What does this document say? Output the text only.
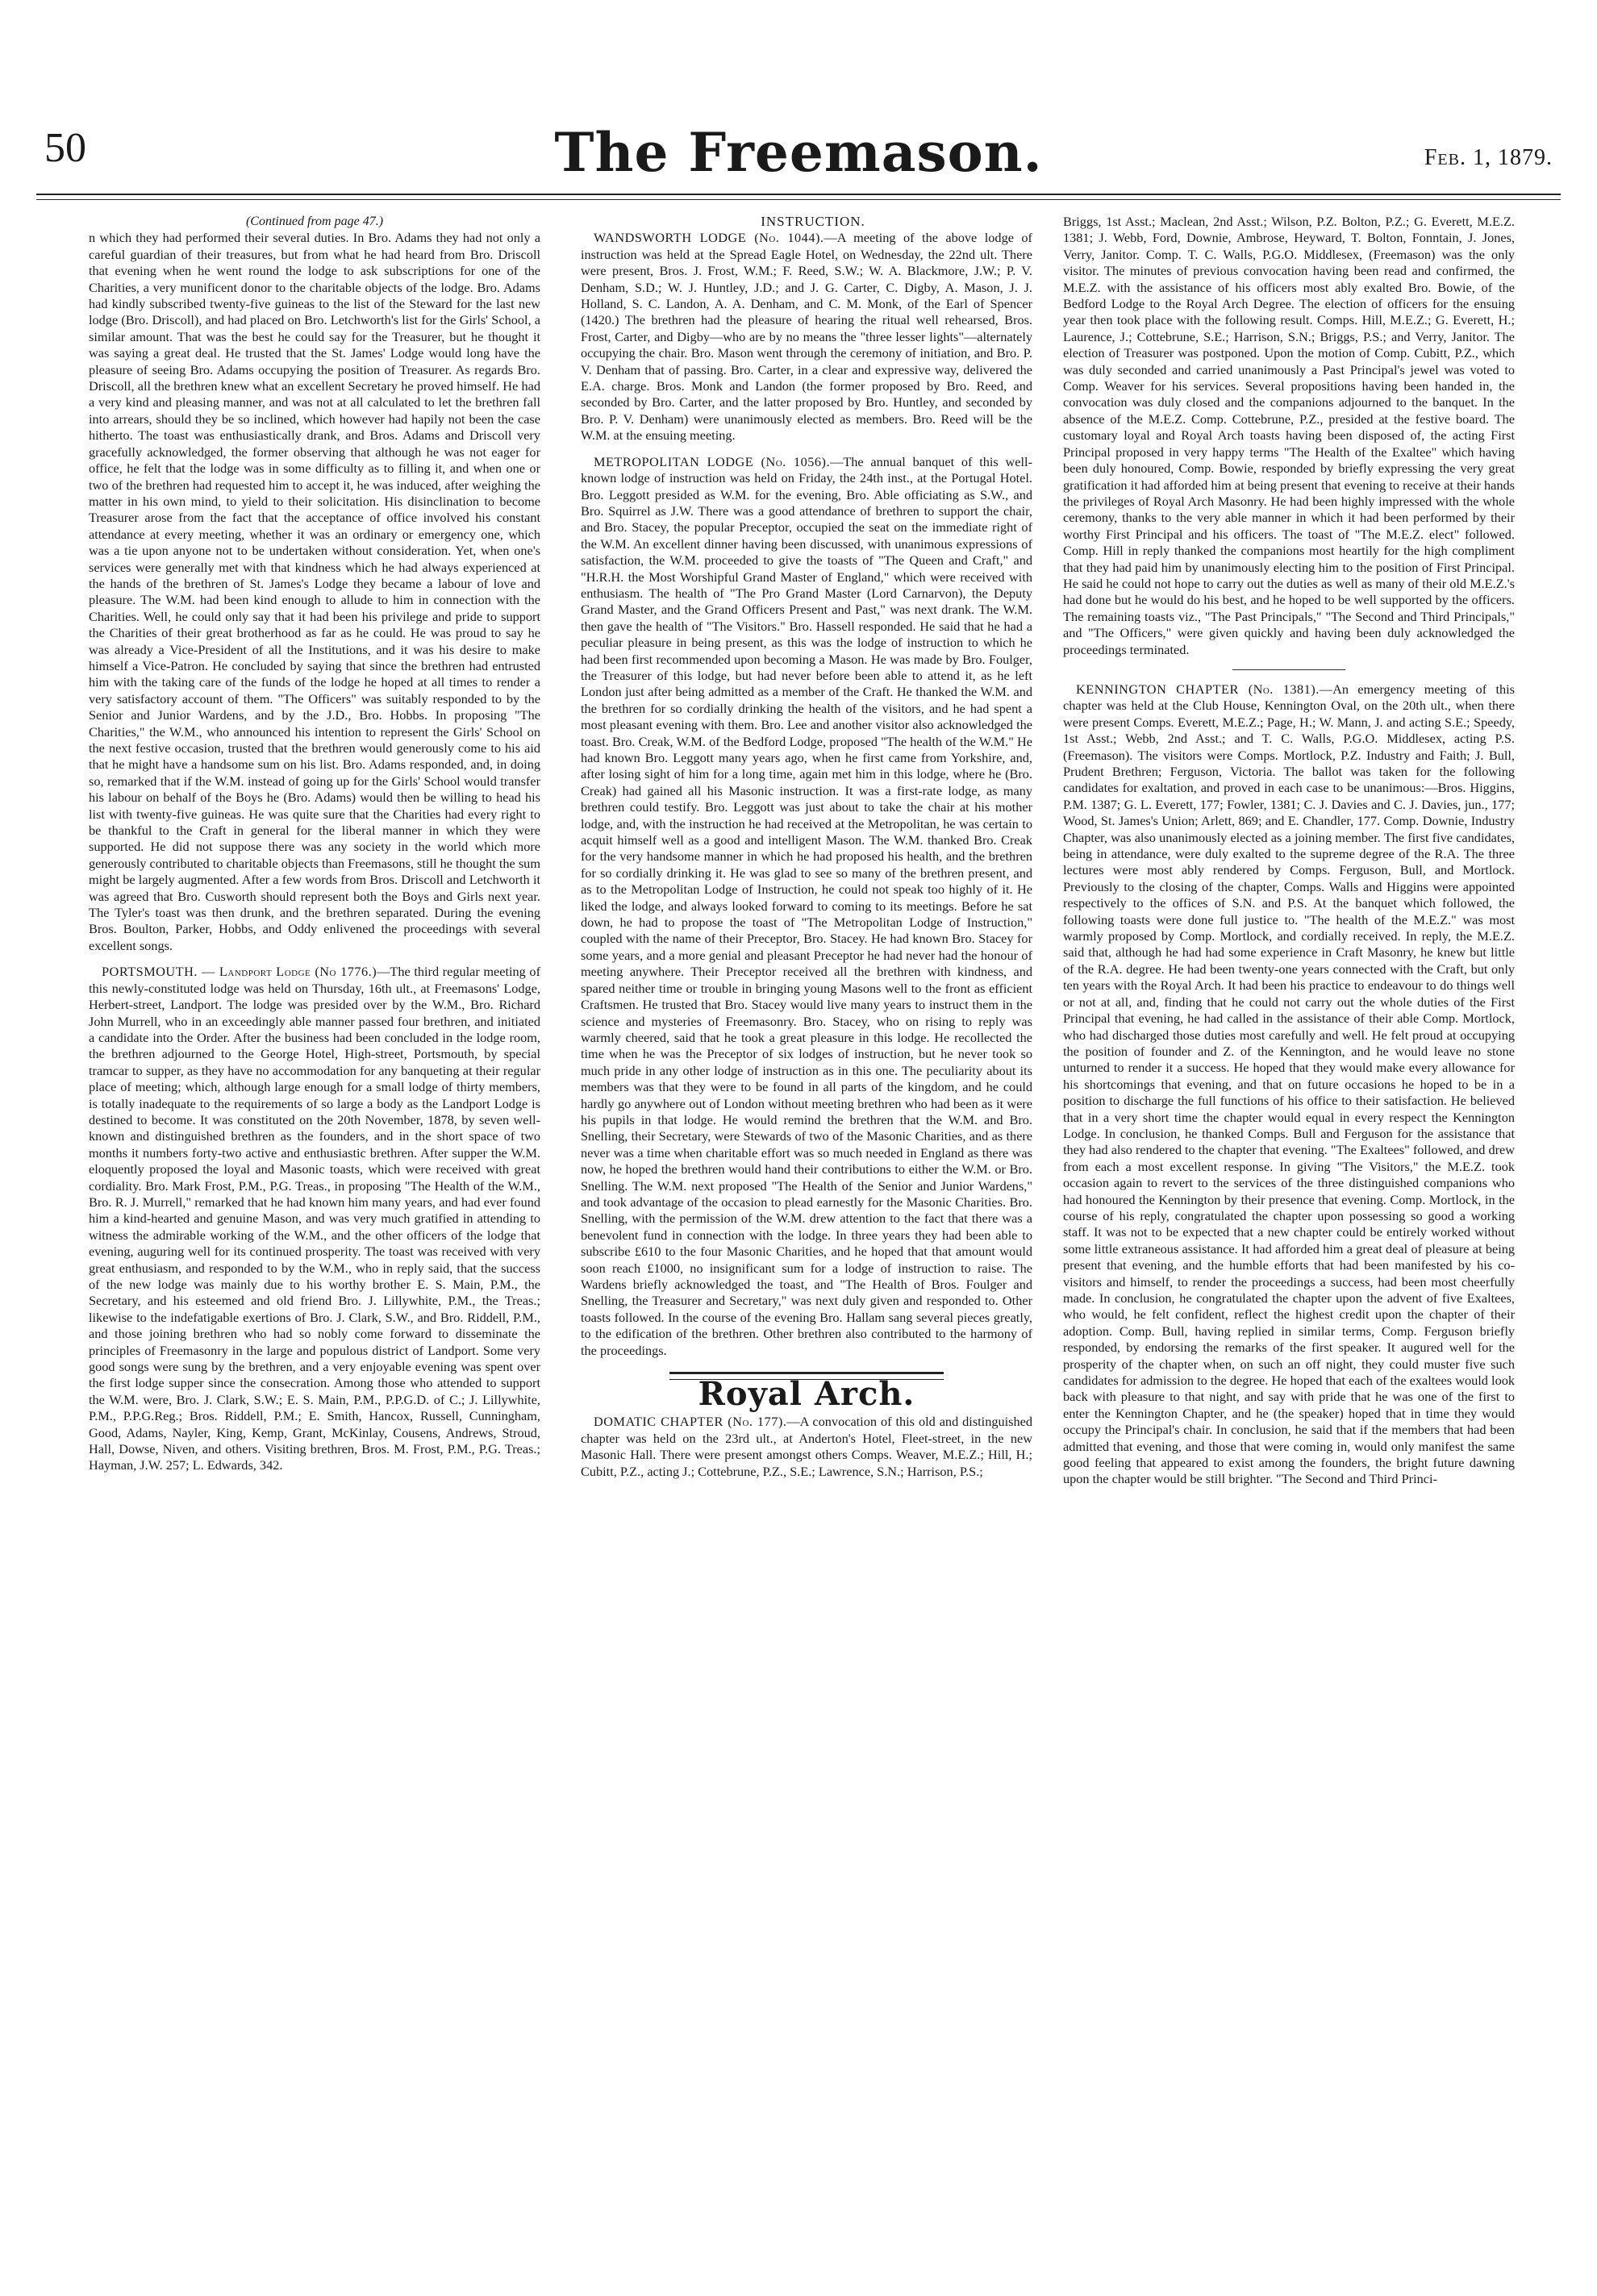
50	The Freemason.	Feb. 1, 1879.

(Continued from page 47.)

n which they had performed their several duties. In Bro. Adams they had not only a careful guardian of their treasures, but from what he had heard from Bro. Driscoll that evening when he went round the lodge to ask subscriptions for one of the Charities, a very munificent donor to the charitable objects of the lodge. Bro. Adams had kindly subscribed twenty-five guineas to the list of the Steward for the last new lodge (Bro. Driscoll), and had placed on Bro. Letchworth's list for the Girls' School, a similar amount. That was the best he could say for the Treasurer, but he thought it was saying a great deal. He trusted that the St. James' Lodge would long have the pleasure of seeing Bro. Adams occupying the position of Treasurer. As regards Bro. Driscoll, all the brethren knew what an excellent Secretary he proved himself. He had a very kind and pleasing manner, and was not at all calculated to let the brethren fall into arrears, should they be so inclined, which however had hapily not been the case hitherto. The toast was enthusiastically drank, and Bros. Adams and Driscoll very gracefully acknowledged, the former observing that although he was not eager for office, he felt that the lodge was in some difficulty as to filling it, and when one or two of the brethren had requested him to accept it, he was induced, after weighing the matter in his own mind, to yield to their solicitation. His disinclination to become Treasurer arose from the fact that the acceptance of office involved his constant attendance at every meeting, whether it was an ordinary or emergency one, which was a tie upon anyone not to be undertaken without consideration. Yet, when one's services were generally met with that kindness which he had always experienced at the hands of the brethren of St. James's Lodge they became a labour of love and pleasure. The W.M. had been kind enough to allude to him in connection with the Charities. Well, he could only say that it had been his privilege and pride to support the Charities of their great brotherhood as far as he could. He was proud to say he was already a Vice-President of all the Institutions, and it was his desire to make himself a Vice-Patron. He concluded by saying that since the brethren had entrusted him with the taking care of the funds of the lodge he hoped at all times to render a very satisfactory account of them. "The Officers" was suitably responded to by the Senior and Junior Wardens, and by the J.D., Bro. Hobbs. In proposing "The Charities," the W.M., who announced his intention to represent the Girls' School on the next festive occasion, trusted that the brethren would generously come to his aid that he might have a handsome sum on his list. Bro. Adams responded, and, in doing so, remarked that if the W.M. instead of going up for the Girls' School would transfer his labour on behalf of the Boys he (Bro. Adams) would then be willing to head his list with twenty-five guineas. He was quite sure that the Charities had every right to be thankful to the Craft in general for the liberal manner in which they were supported. He did not suppose there was any society in the world which more generously contributed to charitable objects than Freemasons, still he thought the sum might be largely augmented. After a few words from Bros. Driscoll and Letchworth it was agreed that Bro. Cusworth should represent both the Boys and Girls next year. The Tyler's toast was then drunk, and the brethren separated. During the evening Bros. Boulton, Parker, Hobbs, and Oddy enlivened the proceedings with several excellent songs.

PORTSMOUTH. — Landport Lodge (No 1776.)—The third regular meeting of this newly-constituted lodge was held on Thursday, 16th ult., at Freemasons' Lodge, Herbert-street, Landport. The lodge was presided over by the W.M., Bro. Richard John Murrell, who in an exceedingly able manner passed four brethren, and initiated a candidate into the Order. After the business had been concluded in the lodge room, the brethren adjourned to the George Hotel, High-street, Portsmouth, by special tramcar to supper, as they have no accommodation for any banqueting at their regular place of meeting; which, although large enough for a small lodge of thirty members, is totally inadequate to the requirements of so large a body as the Landport Lodge is destined to become. It was constituted on the 20th November, 1878, by seven well-known and distinguished brethren as the founders, and in the short space of two months it numbers forty-two active and enthusiastic brethren. After supper the W.M. eloquently proposed the loyal and Masonic toasts, which were received with great cordiality. Bro. Mark Frost, P.M., P.G. Treas., in proposing "The Health of the W.M., Bro. R. J. Murrell," remarked that he had known him many years, and had ever found him a kind-hearted and genuine Mason, and was very much gratified in attending to witness the admirable working of the W.M., and the other officers of the lodge that evening, auguring well for its continued prosperity. The toast was received with very great enthusiasm, and responded to by the W.M., who in reply said, that the success of the new lodge was mainly due to his worthy brother E. S. Main, P.M., the Secretary, and his esteemed and old friend Bro. J. Lillywhite, P.M., the Treas.; likewise to the indefatigable exertions of Bro. J. Clark, S.W., and Bro. Riddell, P.M., and those joining brethren who had so nobly come forward to disseminate the principles of Freemasonry in the large and populous district of Landport. Some very good songs were sung by the brethren, and a very enjoyable evening was spent over the first lodge supper since the consecration. Among those who attended to support the W.M. were, Bro. J. Clark, S.W.; E. S. Main, P.M., P.P.G.D. of C.; J. Lillywhite, P.M., P.P.G.Reg.; Bros. Riddell, P.M.; E. Smith, Hancox, Russell, Cunningham, Good, Adams, Nayler, King, Kemp, Grant, McKinlay, Cousens, Andrews, Stroud, Hall, Dowse, Niven, and others. Visiting brethren, Bros. M. Frost, P.M., P.G. Treas.; Hayman, J.W. 257; L. Edwards, 342.

INSTRUCTION.

WANDSWORTH LODGE (No. 1044).—A meeting of the above lodge of instruction was held at the Spread Eagle Hotel, on Wednesday, the 22nd ult. There were present, Bros. J. Frost, W.M.; F. Reed, S.W.; W. A. Blackmore, J.W.; P. V. Denham, S.D.; W. J. Huntley, J.D.; and J. G. Carter, C. Digby, A. Mason, J. J. Holland, S. C. Landon, A. A. Denham, and C. M. Monk, of the Earl of Spencer (1420.) The brethren had the pleasure of hearing the ritual well rehearsed, Bros. Frost, Carter, and Digby—who are by no means the "three lesser lights"—alternately occupying the chair. Bro. Mason went through the ceremony of initiation, and Bro. P. V. Denham that of passing. Bro. Carter, in a clear and expressive way, delivered the E.A. charge. Bros. Monk and Landon (the former proposed by Bro. Reed, and seconded by Bro. Carter, and the latter proposed by Bro. Huntley, and seconded by Bro. P. V. Denham) were unanimously elected as members. Bro. Reed will be the W.M. at the ensuing meeting.

METROPOLITAN LODGE (No. 1056).—The annual banquet of this well-known lodge of instruction was held on Friday, the 24th inst., at the Portugal Hotel. Bro. Leggott presided as W.M. for the evening, Bro. Able officiating as S.W., and Bro. Squirrel as J.W. There was a good attendance of brethren to support the chair, and Bro. Stacey, the popular Preceptor, occupied the seat on the immediate right of the W.M. An excellent dinner having been discussed, with unanimous expressions of satisfaction, the W.M. proceeded to give the toasts of "The Queen and Craft," and "H.R.H. the Most Worshipful Grand Master of England," which were received with enthusiasm. The health of "The Pro Grand Master (Lord Carnarvon), the Deputy Grand Master, and the Grand Officers Present and Past," was next drank. The W.M. then gave the health of "The Visitors." Bro. Hassell responded. He said that he had a peculiar pleasure in being present, as this was the lodge of instruction to which he had been first recommended upon becoming a Mason. He was made by Bro. Foulger, the Treasurer of this lodge, but had never before been able to attend it, as he left London just after being admitted as a member of the Craft. He thanked the W.M. and the brethren for so cordially drinking the health of the visitors, and he had spent a most pleasant evening with them. Bro. Lee and another visitor also acknowledged the toast. Bro. Creak, W.M. of the Bedford Lodge, proposed "The health of the W.M." He had known Bro. Leggott many years ago, when he first came from Yorkshire, and, after losing sight of him for a long time, again met him in this lodge, where he (Bro. Creak) had gained all his Masonic instruction. It was a first-rate lodge, as many brethren could testify. Bro. Leggott was just about to take the chair at his mother lodge, and, with the instruction he had received at the Metropolitan, he was certain to acquit himself well as a good and intelligent Mason. The W.M. thanked Bro. Creak for the very handsome manner in which he had proposed his health, and the brethren for so cordially drinking it. He was glad to see so many of the brethren present, and as to the Metropolitan Lodge of Instruction, he could not speak too highly of it. He liked the lodge, and always looked forward to coming to its meetings. Before he sat down, he had to propose the toast of "The Metropolitan Lodge of Instruction," coupled with the name of their Preceptor, Bro. Stacey. He had known Bro. Stacey for some years, and a more genial and pleasant Preceptor he had never had the honour of meeting anywhere. Their Preceptor received all the brethren with kindness, and spared neither time or trouble in bringing young Masons well to the front as efficient Craftsmen. He trusted that Bro. Stacey would live many years to instruct them in the science and mysteries of Freemasonry. Bro. Stacey, who on rising to reply was warmly cheered, said that he took a great pleasure in this lodge. He recollected the time when he was the Preceptor of six lodges of instruction, but he never took so much pride in any other lodge of instruction as in this one. The peculiarity about its members was that they were to be found in all parts of the kingdom, and he could hardly go anywhere out of London without meeting brethren who had been as it were his pupils in that lodge. He would remind the brethren that the W.M. and Bro. Snelling, their Secretary, were Stewards of two of the Masonic Charities, and as there never was a time when charitable effort was so much needed in England as there was now, he hoped the brethren would hand their contributions to either the W.M. or Bro. Snelling. The W.M. next proposed "The Health of the Senior and Junior Wardens," and took advantage of the occasion to plead earnestly for the Masonic Charities. Bro. Snelling, with the permission of the W.M. drew attention to the fact that there was a benevolent fund in connection with the lodge. In three years they had been able to subscribe £610 to the four Masonic Charities, and he hoped that that amount would soon reach £1000, no insignificant sum for a lodge of instruction to raise. The Wardens briefly acknowledged the toast, and "The Health of Bros. Foulger and Snelling, the Treasurer and Secretary," was next duly given and responded to. Other toasts followed. In the course of the evening Bro. Hallam sang several pieces greatly, to the edification of the brethren. Other brethren also contributed to the harmony of the proceedings.

Royal Arch.

DOMATIC CHAPTER (No. 177).—A convocation of this old and distinguished chapter was held on the 23rd ult., at Anderton's Hotel, Fleet-street, in the new Masonic Hall. There were present amongst others Comps. Weaver, M.E.Z.; Hill, H.; Cubitt, P.Z., acting J.; Cottebrune, P.Z., S.E.; Lawrence, S.N.; Harrison, P.S.;

Briggs, 1st Asst.; Maclean, 2nd Asst.; Wilson, P.Z. Bolton, P.Z.; G. Everett, M.E.Z. 1381; J. Webb, Ford, Downie, Ambrose, Heyward, T. Bolton, Fonntain, J. Jones, Verry, Janitor. Comp. T. C. Walls, P.G.O. Middlesex, (Freemason) was the only visitor. The minutes of previous convocation having been read and confirmed, the M.E.Z. with the assistance of his officers most ably exalted Bro. Bowie, of the Bedford Lodge to the Royal Arch Degree. The election of officers for the ensuing year then took place with the following result. Comps. Hill, M.E.Z.; G. Everett, H.; Laurence, J.; Cottebrune, S.E.; Harrison, S.N.; Briggs, P.S.; and Verry, Janitor. The election of Treasurer was postponed. Upon the motion of Comp. Cubitt, P.Z., which was duly seconded and carried unanimously a Past Principal's jewel was voted to Comp. Weaver for his services. Several propositions having been handed in, the convocation was duly closed and the companions adjourned to the banquet. In the absence of the M.E.Z. Comp. Cottebrune, P.Z., presided at the festive board. The customary loyal and Royal Arch toasts having been disposed of, the acting First Principal proposed in very happy terms "The Health of the Exaltee" which having been duly honoured, Comp. Bowie, responded by briefly expressing the very great gratification it had afforded him at being present that evening to receive at their hands the privileges of Royal Arch Masonry. He had been highly impressed with the whole ceremony, thanks to the very able manner in which it had been performed by their worthy First Principal and his officers. The toast of "The M.E.Z. elect" followed. Comp. Hill in reply thanked the companions most heartily for the high compliment that they had paid him by unanimously electing him to the position of First Principal. He said he could not hope to carry out the duties as well as many of their old M.E.Z.'s had done but he would do his best, and he hoped to be well supported by the officers. The remaining toasts viz., "The Past Principals," "The Second and Third Principals," and "The Officers," were given quickly and having been duly acknowledged the proceedings terminated.

KENNINGTON CHAPTER (No. 1381).—An emergency meeting of this chapter was held at the Club House, Kennington Oval, on the 20th ult., when there were present Comps. Everett, M.E.Z.; Page, H.; W. Mann, J. and acting S.E.; Speedy, 1st Asst.; Webb, 2nd Asst.; and T. C. Walls, P.G.O. Middlesex, acting P.S. (Freemason). The visitors were Comps. Mortlock, P.Z. Industry and Faith; J. Bull, Prudent Brethren; Ferguson, Victoria. The ballot was taken for the following candidates for exaltation, and proved in each case to be unanimous:—Bros. Higgins, P.M. 1387; G. L. Everett, 177; Fowler, 1381; C. J. Davies and C. J. Davies, jun., 177; Wood, St. James's Union; Arlett, 869; and E. Chandler, 177. Comp. Downie, Industry Chapter, was also unanimously elected as a joining member. The first five candidates, being in attendance, were duly exalted to the supreme degree of the R.A. The three lectures were most ably rendered by Comps. Ferguson, Bull, and Mortlock. Previously to the closing of the chapter, Comps. Walls and Higgins were appointed respectively to the offices of S.N. and P.S. At the banquet which followed, the following toasts were done full justice to. "The health of the M.E.Z." was most warmly proposed by Comp. Mortlock, and cordially received. In reply, the M.E.Z. said that, although he had had some experience in Craft Masonry, he knew but little of the R.A. degree. He had been twenty-one years connected with the Craft, but only ten years with the Royal Arch. It had been his practice to endeavour to do things well or not at all, and, finding that he could not carry out the whole duties of the First Principal that evening, he had called in the assistance of their able Comp. Mortlock, who had discharged those duties most carefully and well. He felt proud at occupying the position of founder and Z. of the Kennington, and he would leave no stone unturned to render it a success. He hoped that they would make every allowance for his shortcomings that evening, and that on future occasions he hoped to be in a position to discharge the full functions of his office to their satisfaction. He believed that in a very short time the chapter would equal in every respect the Kennington Lodge. In conclusion, he thanked Comps. Bull and Ferguson for the assistance that they had also rendered to the chapter that evening. "The Exaltees" followed, and drew from each a most excellent response. In giving "The Visitors," the M.E.Z. took occasion again to revert to the services of the three distinguished companions who had honoured the Kennington by their presence that evening. Comp. Mortlock, in the course of his reply, congratulated the chapter upon possessing so good a working staff. It was not to be expected that a new chapter could be entirely worked without some little extraneous assistance. It had afforded him a great deal of pleasure at being present that evening, and the humble efforts that had been manifested by his co-visitors and himself, to render the proceedings a success, had been most cheerfully made. In conclusion, he congratulated the chapter upon the advent of five Exaltees, who would, he felt confident, reflect the highest credit upon the chapter of their adoption. Comp. Bull, having replied in similar terms, Comp. Ferguson briefly responded, by endorsing the remarks of the first speaker. It augured well for the prosperity of the chapter when, on such an off night, they could muster five such candidates for admission to the degree. He hoped that each of the exaltees would look back with pleasure to that night, and say with pride that he was one of the first to enter the Kennington Chapter, and he (the speaker) hoped that in time they would occupy the Principal's chair. In conclusion, he said that if the members that had been admitted that evening, and those that were coming in, would only manifest the same good feeling that appeared to exist among the founders, the bright future dawning upon the chapter would be still brighter. "The Second and Third Princi-
